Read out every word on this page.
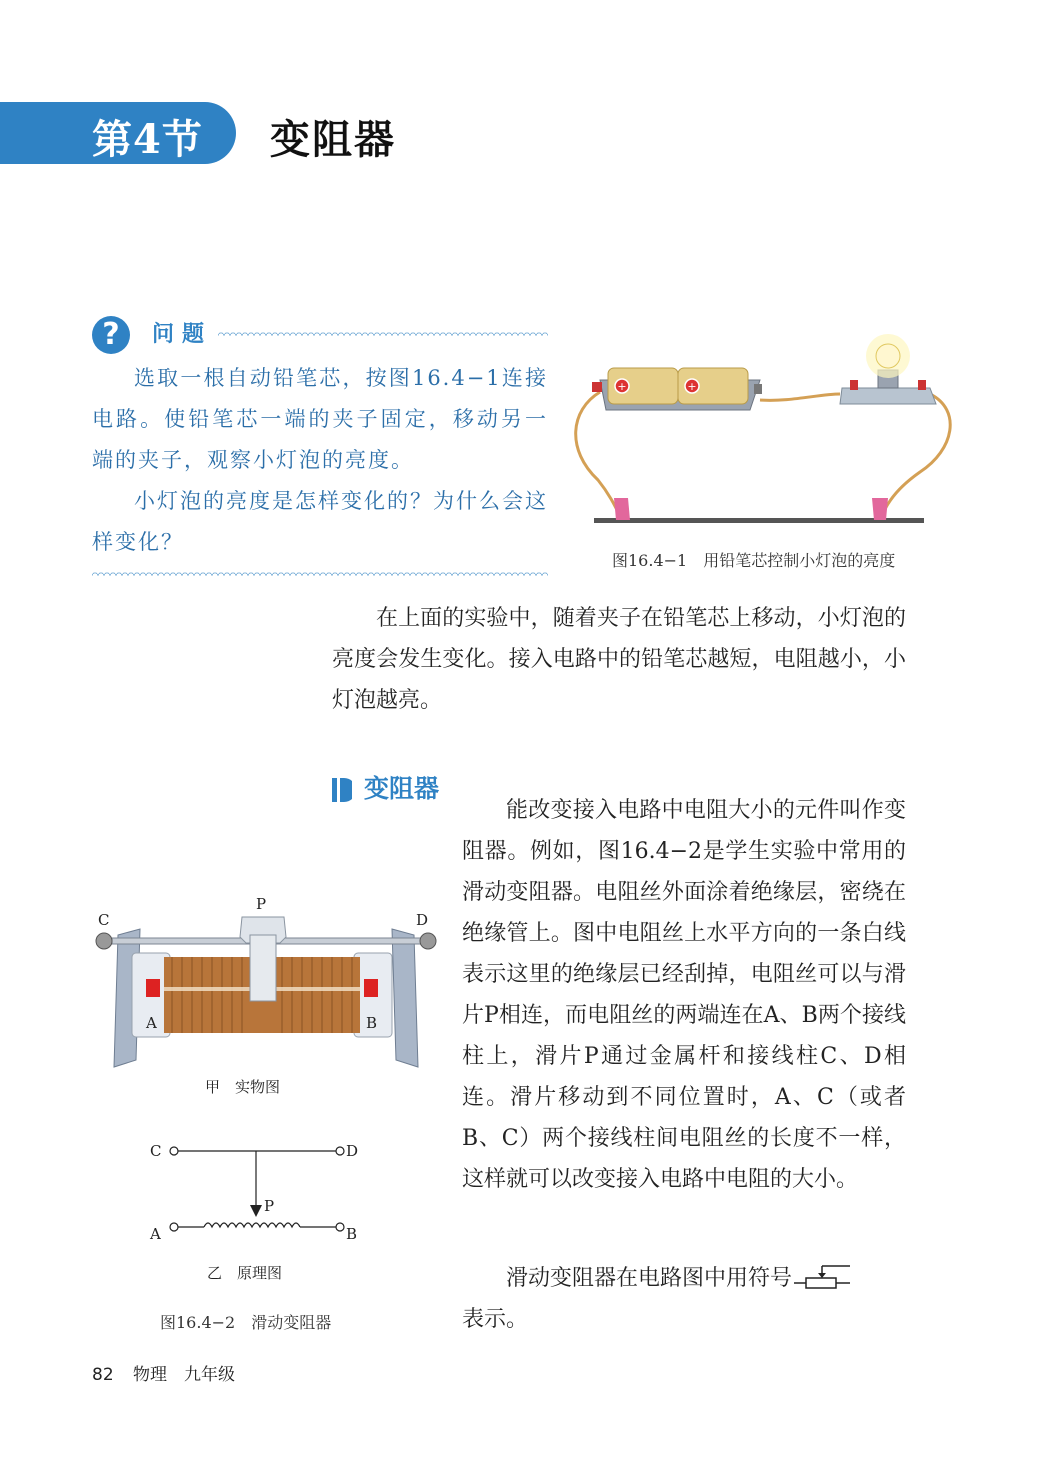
第4节 变阻器
?	问题

选取一根自动铅笔芯，按图16.4−1连接电路。使铅笔芯一端的夹子固定，移动另一端的夹子，观察小灯泡的亮度。

小灯泡的亮度是怎样变化的？为什么会这样变化？

+	+
图16.4−1　用铅笔芯控制小灯泡的亮度

在上面的实验中，随着夹子在铅笔芯上移动，小灯泡的亮度会发生变化。接入电路中的铅笔芯越短，电阻越小，小灯泡越亮。

变阻器

能改变接入电路中电阻大小的元件叫作变阻器。例如，图16.4−2是学生实验中常用的滑动变阻器。电阻丝外面涂着绝缘层，密绕在绝缘管上。图中电阻丝上水平方向的一条白线表示这里的绝缘层已经刮掉，电阻丝可以与滑片P相连，而电阻丝的两端连在A、B两个接线柱上，滑片P通过金属杆和接线柱C、D相连。滑片移动到不同位置时，A、C（或者B、C）两个接线柱间电阻丝的长度不一样，这样就可以改变接入电路中电阻的大小。

滑动变阻器在电路图中用符号
表示。

C	D
P
A	B
甲　实物图
C	D
P
A	B
乙　原理图
图16.4−2　滑动变阻器
82 物理　九年级
